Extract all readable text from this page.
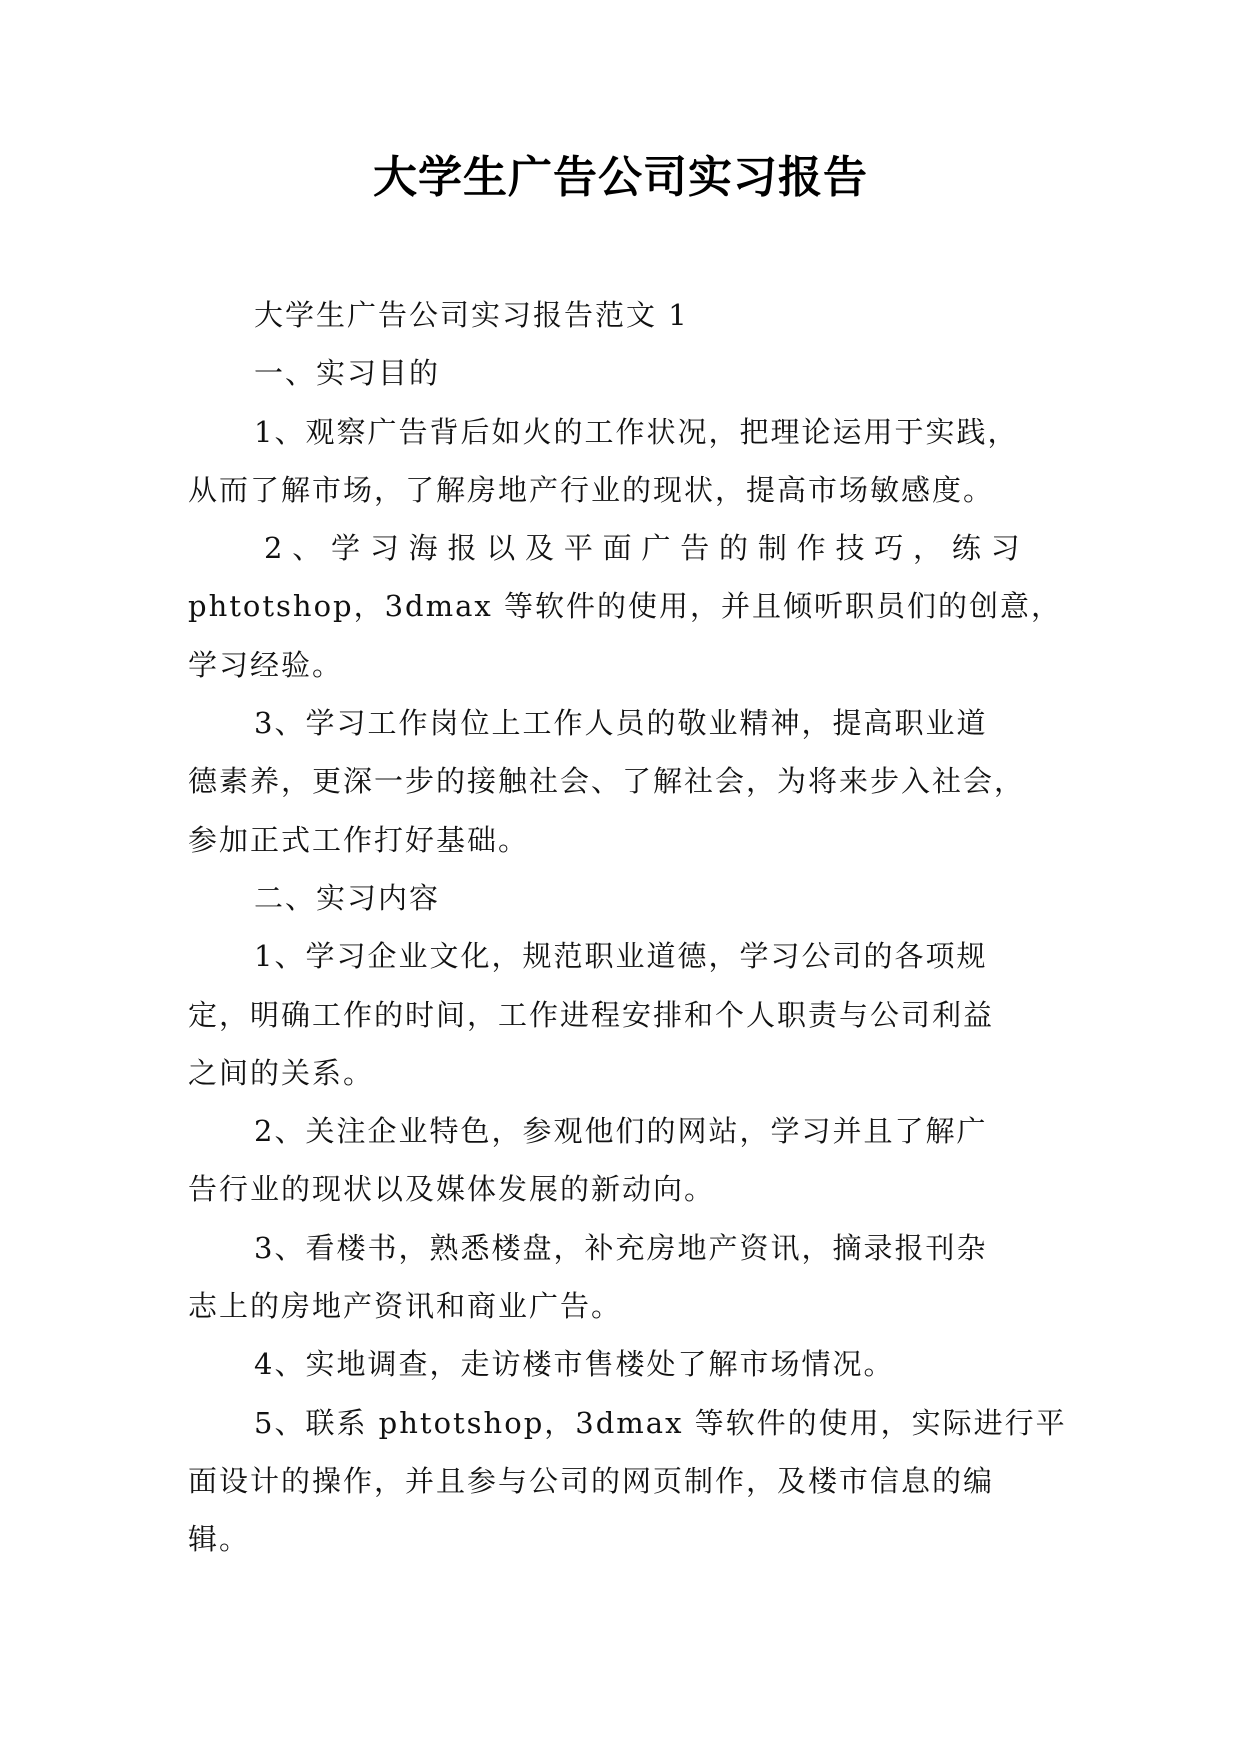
大学生广告公司实习报告
大学生广告公司实习报告范文 1
一、实习目的
1、观察广告背后如火的工作状况，把理论运用于实践，
从而了解市场，了解房地产行业的现状，提高市场敏感度。
2、学习海报以及平面广告的制作技巧，练习
phtotshop，3dmax 等软件的使用，并且倾听职员们的创意，
学习经验。
3、学习工作岗位上工作人员的敬业精神，提高职业道
德素养，更深一步的接触社会、了解社会，为将来步入社会，
参加正式工作打好基础。
二、实习内容
1、学习企业文化，规范职业道德，学习公司的各项规
定，明确工作的时间，工作进程安排和个人职责与公司利益
之间的关系。
2、关注企业特色，参观他们的网站，学习并且了解广
告行业的现状以及媒体发展的新动向。
3、看楼书，熟悉楼盘，补充房地产资讯，摘录报刊杂
志上的房地产资讯和商业广告。
4、实地调查，走访楼市售楼处了解市场情况。
5、联系 phtotshop，3dmax 等软件的使用，实际进行平
面设计的操作，并且参与公司的网页制作，及楼市信息的编
辑。
